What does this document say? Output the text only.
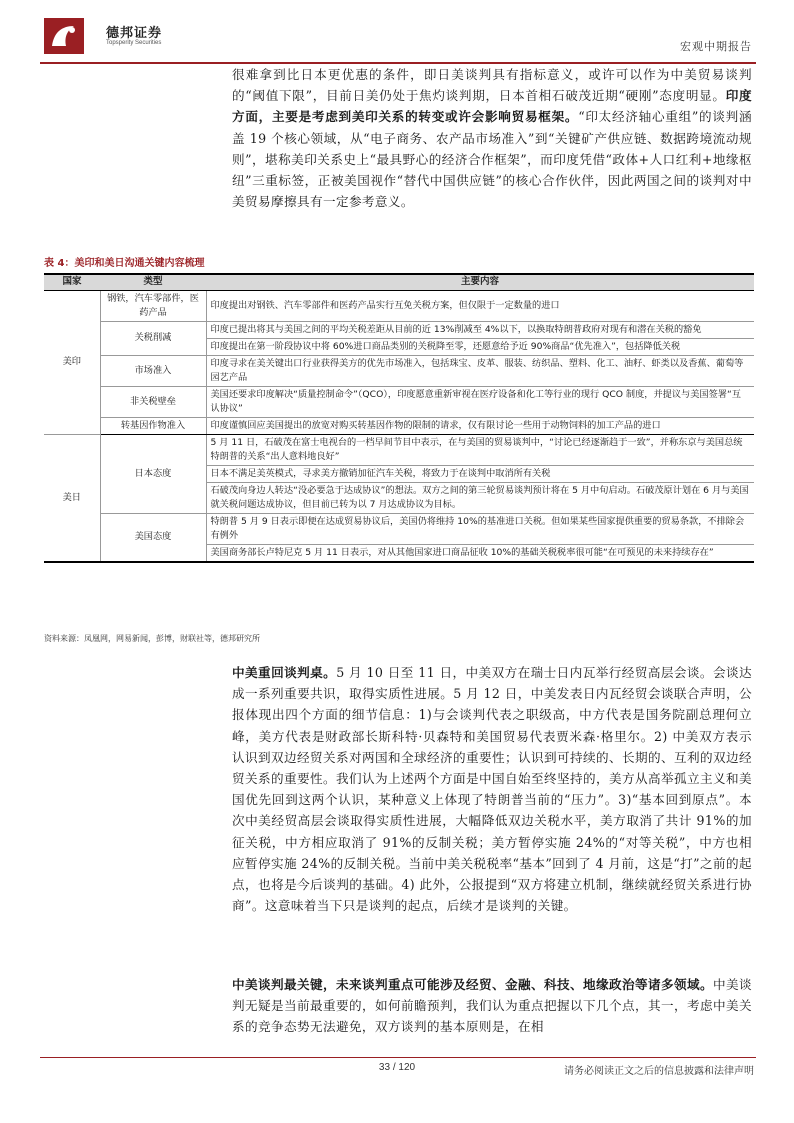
德邦证券
Topsperity Securities	宏观中期报告
很难拿到比日本更优惠的条件，即日美谈判具有指标意义，或许可以作为中美贸易谈判的“阈值下限”，目前日美仍处于焦灼谈判期，日本首相石破茂近期“硬刚”态度明显。印度方面，主要是考虑到美印关系的转变或许会影响贸易框架。“印太经济轴心重组”的谈判涵盖 19 个核心领域，从“电子商务、农产品市场准入”到“关键矿产供应链、数据跨境流动规则”，堪称美印关系史上“最具野心的经济合作框架”，而印度凭借“政体+人口红利+地缘枢纽”三重标签，正被美国视作“替代中国供应链”的核心合作伙伴，因此两国之间的谈判对中美贸易摩擦具有一定参考意义。
表 4：美印和美日沟通关键内容梳理
国家	类型	主要内容
美印	钢铁，汽车零部件，医药产品	印度提出对钢铁、汽车零部件和医药产品实行互免关税方案，但仅限于一定数量的进口
	关税削减	印度已提出将其与美国之间的平均关税差距从目前的近 13%削减至 4%以下，以换取特朗普政府对现有和潜在关税的豁免
		印度提出在第一阶段协议中将 60%进口商品类别的关税降至零，还愿意给予近 90%商品“优先准入”，包括降低关税
	市场准入	印度寻求在美关键出口行业获得美方的优先市场准入，包括珠宝、皮革、服装、纺织品、塑料、化工、油籽、虾类以及香蕉、葡萄等园艺产品
	非关税壁垒	美国还要求印度解决“质量控制命令”（QCO），印度愿意重新审视在医疗设备和化工等行业的现行 QCO 制度，并提议与美国签署“互认协议”
	转基因作物准入	印度谨慎回应美国提出的放宽对购买转基因作物的限制的请求，仅有限讨论一些用于动物饲料的加工产品的进口
美日	日本态度	5 月 11 日，石破茂在富士电视台的一档早间节目中表示，在与美国的贸易谈判中，“讨论已经逐渐趋于一致”，并称东京与美国总统特朗普的关系“出人意料地良好”
		日本不满足美英模式，寻求美方撤销加征汽车关税，将致力于在谈判中取消所有关税
		石破茂向身边人转达“没必要急于达成协议”的想法。双方之间的第三轮贸易谈判预计将在 5 月中旬启动。石破茂原计划在 6 月与美国就关税问题达成协议，但目前已转为以 7 月达成协议为目标。
	美国态度	特朗普 5 月 9 日表示即便在达成贸易协议后，美国仍将维持 10%的基准进口关税。但如果某些国家提供重要的贸易条款，不排除会有例外
		美国商务部长卢特尼克 5 月 11 日表示，对从其他国家进口商品征收 10%的基础关税税率很可能“在可预见的未来持续存在”
资料来源：凤凰网，网易新闻，彭博，财联社等，德邦研究所
中美重回谈判桌。5 月 10 日至 11 日，中美双方在瑞士日内瓦举行经贸高层会谈。会谈达成一系列重要共识，取得实质性进展。5 月 12 日，中美发表日内瓦经贸会谈联合声明，公报体现出四个方面的细节信息：1)与会谈判代表之职级高，中方代表是国务院副总理何立峰，美方代表是财政部长斯科特·贝森特和美国贸易代表贾米森·格里尔。2) 中美双方表示认识到双边经贸关系对两国和全球经济的重要性；认识到可持续的、长期的、互利的双边经贸关系的重要性。我们认为上述两个方面是中国自始至终坚持的，美方从高举孤立主义和美国优先回到这两个认识，某种意义上体现了特朗普当前的“压力”。3)“基本回到原点”。本次中美经贸高层会谈取得实质性进展，大幅降低双边关税水平，美方取消了共计 91%的加征关税，中方相应取消了 91%的反制关税；美方暂停实施 24%的“对等关税”，中方也相应暂停实施 24%的反制关税。当前中美关税税率“基本”回到了 4 月前，这是“打”之前的起点，也将是今后谈判的基础。4) 此外，公报提到“双方将建立机制，继续就经贸关系进行协商”。这意味着当下只是谈判的起点，后续才是谈判的关键。
中美谈判最关键，未来谈判重点可能涉及经贸、金融、科技、地缘政治等诸多领域。中美谈判无疑是当前最重要的，如何前瞻预判，我们认为重点把握以下几个点，其一，考虑中美关系的竞争态势无法避免，双方谈判的基本原则是，在相
33 / 120	请务必阅读正文之后的信息披露和法律声明
